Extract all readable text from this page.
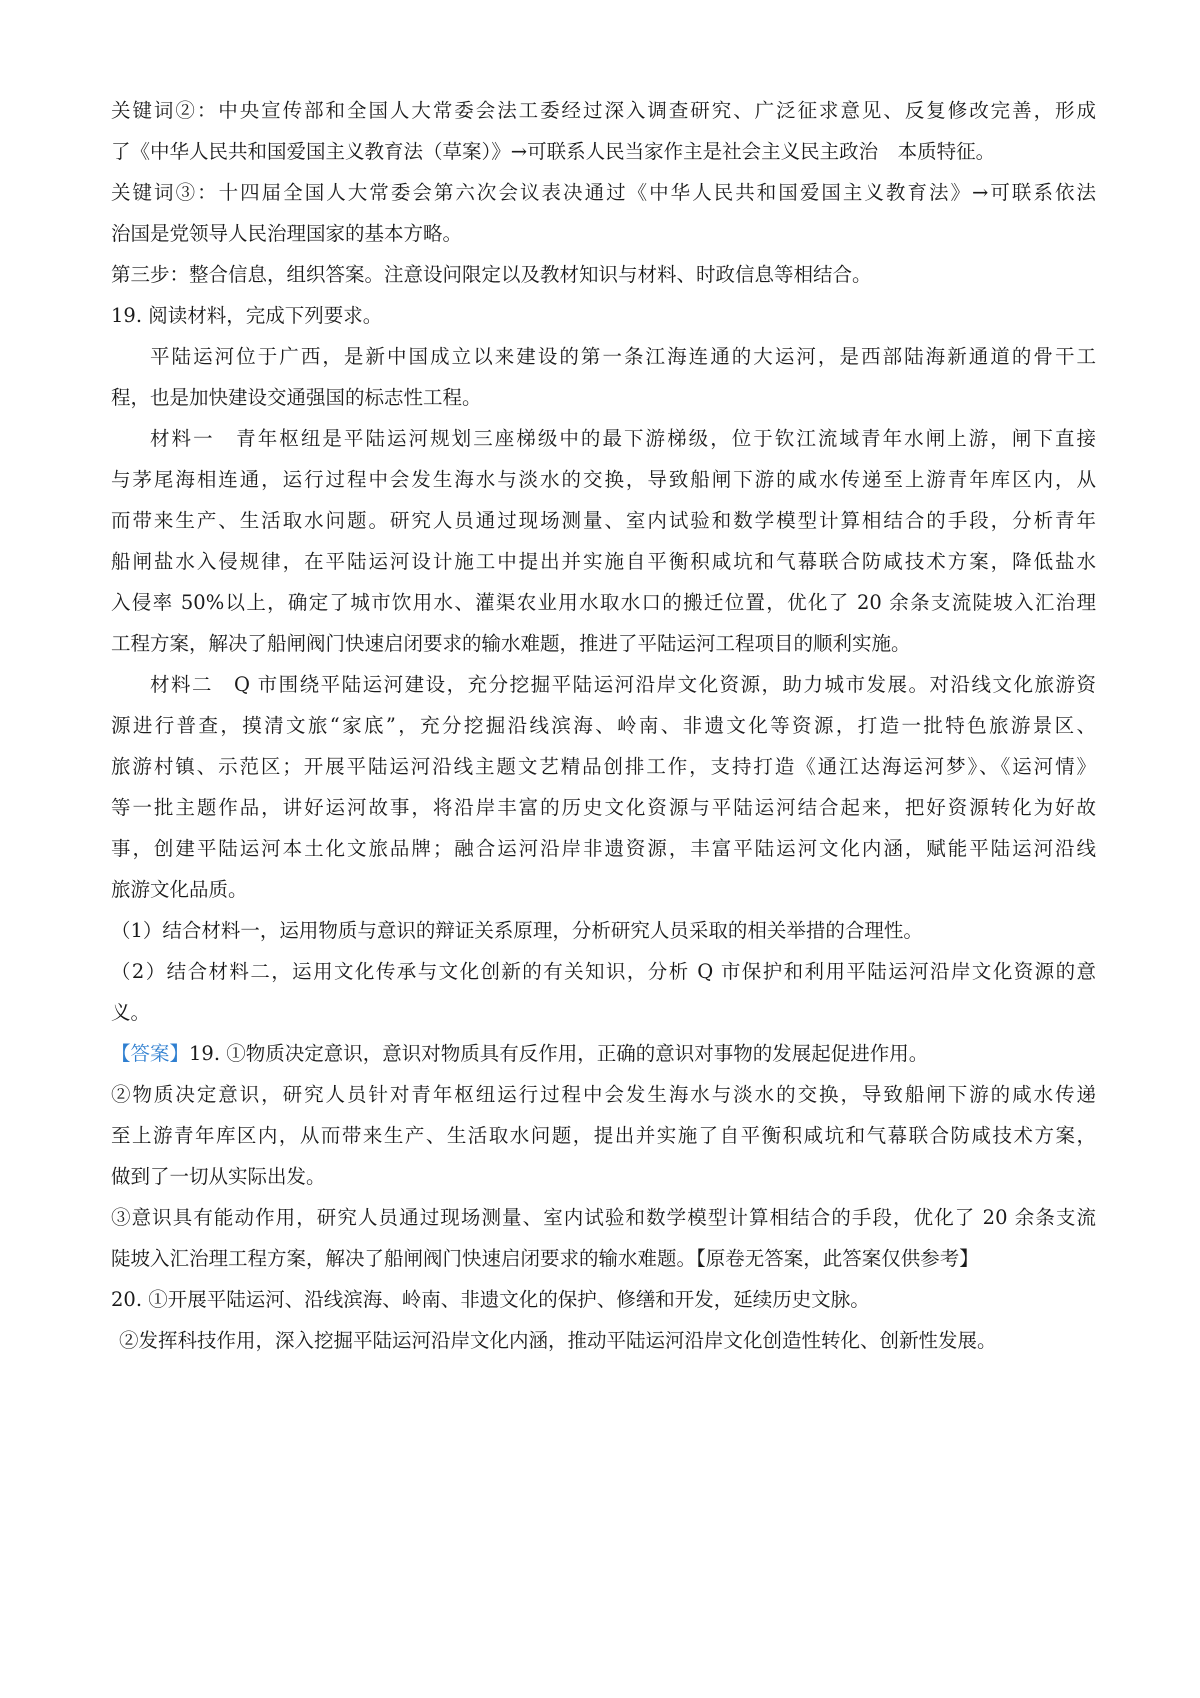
关键词②：中央宣传部和全国人大常委会法工委经过深入调查研究、广泛征求意见、反复修改完善，形成
了《中华人民共和国爱国主义教育法（草案）》→可联系人民当家作主是社会主义民主政治　本质特征。
关键词③：十四届全国人大常委会第六次会议表决通过《中华人民共和国爱国主义教育法》→可联系依法
治国是党领导人民治理国家的基本方略。
第三步：整合信息，组织答案。注意设问限定以及教材知识与材料、时政信息等相结合。
19. 阅读材料，完成下列要求。
平陆运河位于广西，是新中国成立以来建设的第一条江海连通的大运河，是西部陆海新通道的骨干工
程，也是加快建设交通强国的标志性工程。
材料一　青年枢纽是平陆运河规划三座梯级中的最下游梯级，位于钦江流域青年水闸上游，闸下直接
与茅尾海相连通，运行过程中会发生海水与淡水的交换，导致船闸下游的咸水传递至上游青年库区内，从
而带来生产、生活取水问题。研究人员通过现场测量、室内试验和数学模型计算相结合的手段，分析青年
船闸盐水入侵规律，在平陆运河设计施工中提出并实施自平衡积咸坑和气幕联合防咸技术方案，降低盐水
入侵率 50%以上，确定了城市饮用水、灌渠农业用水取水口的搬迁位置，优化了 20 余条支流陡坡入汇治理
工程方案，解决了船闸阀门快速启闭要求的输水难题，推进了平陆运河工程项目的顺利实施。
材料二　Q 市围绕平陆运河建设，充分挖掘平陆运河沿岸文化资源，助力城市发展。对沿线文化旅游资
源进行普查，摸清文旅“家底”，充分挖掘沿线滨海、岭南、非遗文化等资源，打造一批特色旅游景区、
旅游村镇、示范区；开展平陆运河沿线主题文艺精品创排工作，支持打造《通江达海运河梦》、《运河情》
等一批主题作品，讲好运河故事，将沿岸丰富的历史文化资源与平陆运河结合起来，把好资源转化为好故
事，创建平陆运河本土化文旅品牌；融合运河沿岸非遗资源，丰富平陆运河文化内涵，赋能平陆运河沿线
旅游文化品质。
（1）结合材料一，运用物质与意识的辩证关系原理，分析研究人员采取的相关举措的合理性。
（2）结合材料二，运用文化传承与文化创新的有关知识，分析 Q 市保护和利用平陆运河沿岸文化资源的意
义。
【答案】19. ①物质决定意识，意识对物质具有反作用，正确的意识对事物的发展起促进作用。
②物质决定意识，研究人员针对青年枢纽运行过程中会发生海水与淡水的交换，导致船闸下游的咸水传递
至上游青年库区内，从而带来生产、生活取水问题，提出并实施了自平衡积咸坑和气幕联合防咸技术方案，
做到了一切从实际出发。
③意识具有能动作用，研究人员通过现场测量、室内试验和数学模型计算相结合的手段，优化了 20 余条支流
陡坡入汇治理工程方案，解决了船闸阀门快速启闭要求的输水难题。【原卷无答案，此答案仅供参考】
20. ①开展平陆运河、沿线滨海、岭南、非遗文化的保护、修缮和开发，延续历史文脉。
②发挥科技作用，深入挖掘平陆运河沿岸文化内涵，推动平陆运河沿岸文化创造性转化、创新性发展。
